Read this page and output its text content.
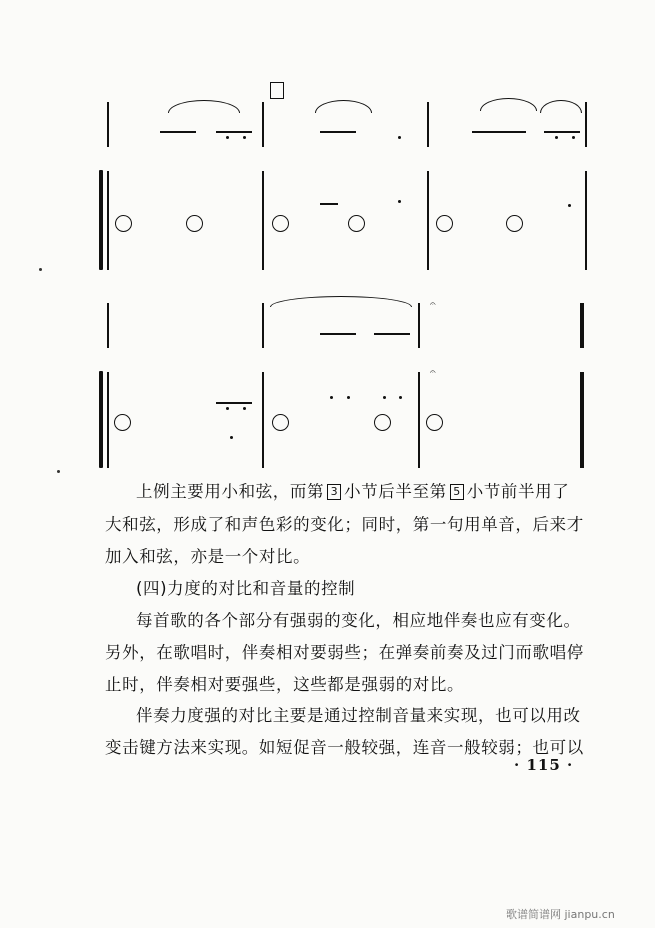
𝄐
𝄐
上例主要用小和弦，而第 3 小节后半至第 5 小节前半用了
大和弦，形成了和声色彩的变化；同时，第一句用单音，后来才
加入和弦，亦是一个对比。
(四)力度的对比和音量的控制
每首歌的各个部分有强弱的变化，相应地伴奏也应有变化。
另外，在歌唱时，伴奏相对要弱些；在弹奏前奏及过门而歌唱停
止时，伴奏相对要强些，这些都是强弱的对比。
伴奏力度强的对比主要是通过控制音量来实现，也可以用改
变击键方法来实现。如短促音一般较强，连音一般较弱；也可以
· 115 ·
歌谱简谱网 jianpu.cn
